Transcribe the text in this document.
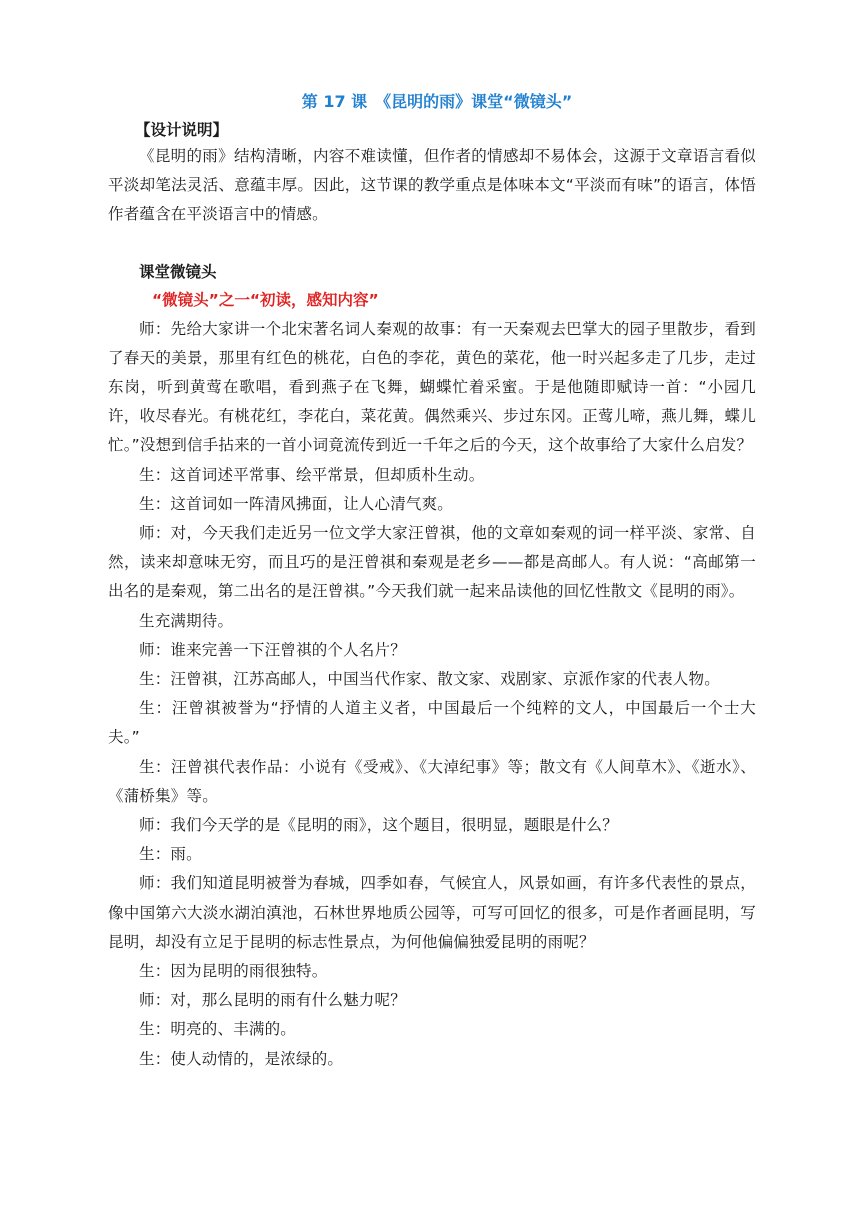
第 17 课　《昆明的雨》课堂“微镜头”
【设计说明】

《昆明的雨》结构清晰，内容不难读懂，但作者的情感却不易体会，这源于文章语言看似平淡却笔法灵活、意蕴丰厚。因此，这节课的教学重点是体味本文“平淡而有味”的语言，体悟作者蕴含在平淡语言中的情感。

课堂微镜头
“微镜头”之一“初读，感知内容”

师：先给大家讲一个北宋著名词人秦观的故事：有一天秦观去巴掌大的园子里散步，看到了春天的美景，那里有红色的桃花，白色的李花，黄色的菜花，他一时兴起多走了几步，走过东岗，听到黄莺在歌唱，看到燕子在飞舞，蝴蝶忙着采蜜。于是他随即赋诗一首：“小园几许，收尽春光。有桃花红，李花白，菜花黄。偶然乘兴、步过东冈。正莺儿啼，燕儿舞，蝶儿忙。”没想到信手拈来的一首小词竟流传到近一千年之后的今天，这个故事给了大家什么启发？

生：这首词述平常事、绘平常景，但却质朴生动。

生：这首词如一阵清风拂面，让人心清气爽。

师：对，今天我们走近另一位文学大家汪曾祺，他的文章如秦观的词一样平淡、家常、自然，读来却意味无穷，而且巧的是汪曾祺和秦观是老乡——都是高邮人。有人说：“高邮第一出名的是秦观，第二出名的是汪曾祺。”今天我们就一起来品读他的回忆性散文《昆明的雨》。

生充满期待。

师：谁来完善一下汪曾祺的个人名片？

生：汪曾祺，江苏高邮人，中国当代作家、散文家、戏剧家、京派作家的代表人物。

生：汪曾祺被誉为“抒情的人道主义者，中国最后一个纯粹的文人，中国最后一个士大夫。”

生：汪曾祺代表作品：小说有《受戒》、《大淖纪事》等；散文有《人间草木》、《逝水》、《蒲桥集》等。

师：我们今天学的是《昆明的雨》，这个题目，很明显，题眼是什么？

生：雨。

师：我们知道昆明被誉为春城，四季如春，气候宜人，风景如画，有许多代表性的景点，像中国第六大淡水湖泊滇池，石林世界地质公园等，可写可回忆的很多，可是作者画昆明，写昆明，却没有立足于昆明的标志性景点，为何他偏偏独爱昆明的雨呢？

生：因为昆明的雨很独特。

师：对，那么昆明的雨有什么魅力呢？

生：明亮的、丰满的。

生：使人动情的，是浓绿的。
